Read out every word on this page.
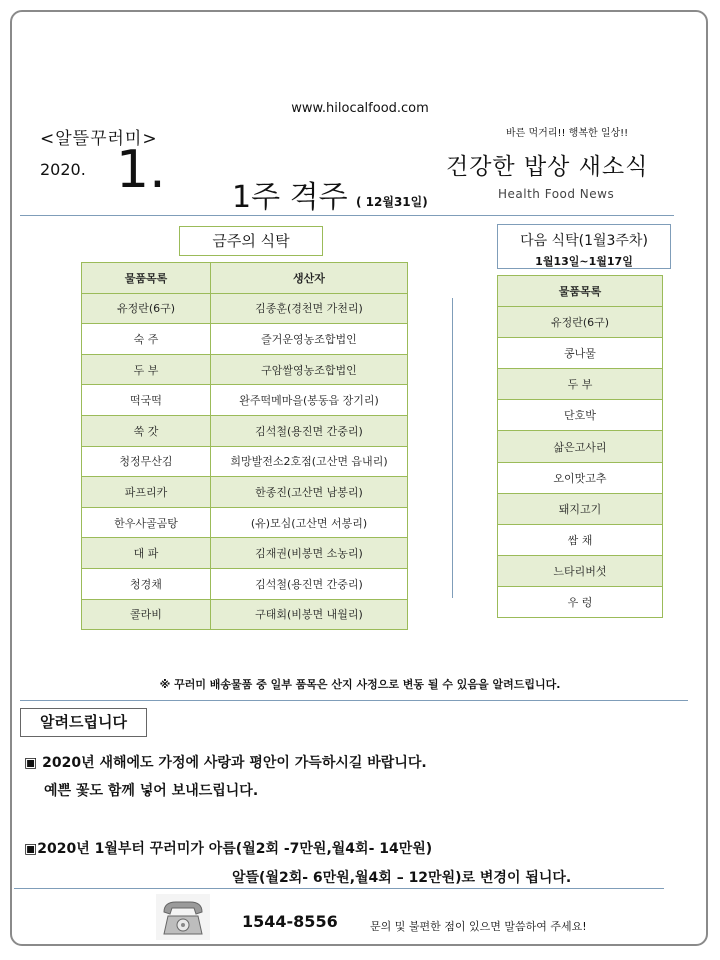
www.hilocalfood.com
<알뜰꾸러미>
2020. 1. 1주 격주 ( 12월31일)
바른 먹거리!! 행복한 일상!!
건강한 밥상 새소식
Health Food News
금주의 식탁
물품목록	생산자
유정란(6구)	김종훈(경천면 가천리)
숙 주	즐거운영농조합법인
두 부	구암쌀영농조합법인
떡국떡	완주떡메마을(봉동읍 장기리)
쑥 갓	김석철(용진면 간중리)
청정무산김	희망발전소2호점(고산면 읍내리)
파프리카	한종진(고산면 남봉리)
한우사골곰탕	(유)모심(고산면 서봉리)
대 파	김재권(비봉면 소농리)
청경채	김석철(용진면 간중리)
콜라비	구태회(비봉면 내월리)
다음 식탁(1월3주차)
1월13일~1월17일
물품목록
유정란(6구)
콩나물
두 부
단호박
삶은고사리
오이맛고추
돼지고기
쌈 채
느타리버섯
우 렁
※ 꾸러미 배송물품 중 일부 품목은 산지 사정으로 변동 될 수 있음을 알려드립니다.
알려드립니다
▣ 2020년 새해에도 가정에 사랑과 평안이 가득하시길 바랍니다.
예쁜 꽃도 함께 넣어 보내드립니다.
▣2020년 1월부터 꾸러미가 아름(월2회 -7만원,월4회- 14만원)
알뜰(월2회- 6만원,월4회 – 12만원)로 변경이 됩니다.
1544-8556	문의 및 불편한 점이 있으면 말씀하여 주세요!
